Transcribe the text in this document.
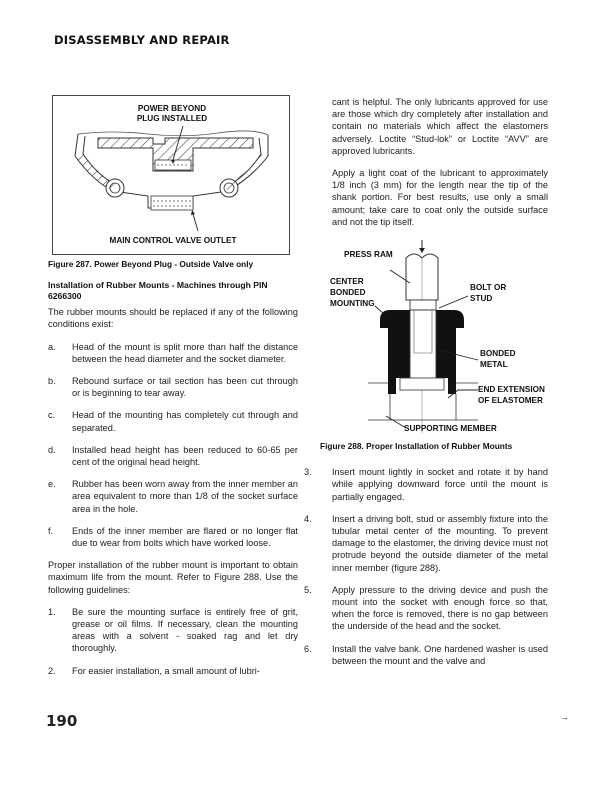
DISASSEMBLY AND REPAIR
POWER BEYOND
PLUG INSTALLED
MAIN CONTROL VALVE OUTLET
Figure 287. Power Beyond Plug - Outside Valve only
Installation of Rubber Mounts - Machines through PIN 6266300

The rubber mounts should be replaced if any of the following conditions exist:

a.	Head of the mount is split more than half the distance between the head diameter and the socket diameter.
b.	Rebound surface or tail section has been cut through or is beginning to tear away.
c.	Head of the mounting has completely cut through and separated.
d.	Installed head height has been reduced to 60-65 per cent of the original head height.
e.	Rubber has been worn away from the inner member an area equivalent to more than 1/8 of the socket surface area in the hole.
f.	Ends of the inner member are flared or no longer flat due to wear from bolts which have worked loose.

Proper installation of the rubber mount is important to obtain maximum life from the mount. Refer to Figure 288. Use the following guidelines:

1.	Be sure the mounting surface is entirely free of grit, grease or oil films. If necessary, clean the mounting areas with a solvent - soaked rag and let dry thoroughly.
2.	For easier installation, a small amount of lubri-

cant is helpful. The only lubricants approved for use are those which dry completely after installation and contain no materials which affect the elastomers adversely. Loctite “Stud-lok” or Loctite “AVV” are approved lubricants.

Apply a light coat of the lubricant to approximately 1/8 inch (3 mm) for the length near the tip of the shank portion. For best results, use only a small amount; take care to coat only the outside surface and not the tip itself.

PRESS RAM
CENTER
BONDED
MOUNTING
BOLT OR
STUD
BONDED
METAL
END EXTENSION
OF ELASTOMER
SUPPORTING MEMBER
Figure 288. Proper Installation of Rubber Mounts
3.	Insert mount lightly in socket and rotate it by hand while applying downward force until the mount is partially engaged.
4.	Insert a driving bolt, stud or assembly fixture into the tubular metal center of the mounting. To prevent damage to the elastomer, the driving device must not protrude beyond the outside diameter of the metal inner member (figure 288).
5.	Apply pressure to the driving device and push the mount into the socket with enough force so that, when the force is removed, there is no gap between the underside of the head and the socket.
6.	Install the valve bank. One hardened washer is used between the mount and the valve and
→
190
